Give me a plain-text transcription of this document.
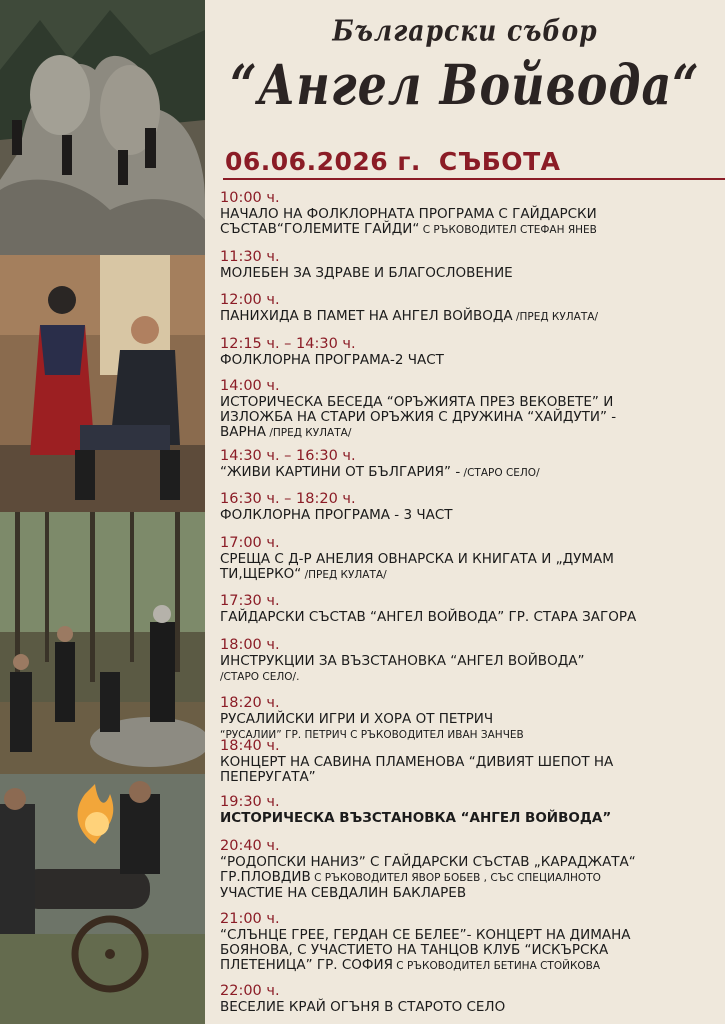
Български събор
“Ангел Войвода“
06.06.2026 г. СЪБОТА
10:00 ч.
НАЧАЛО НА ФОЛКЛОРНАТА ПРОГРАМА С ГАЙДАРСКИ
СЪСТАВ“ГОЛЕМИТЕ ГАЙДИ“ С РЪКОВОДИТЕЛ СТЕФАН ЯНЕВ
11:30 ч.
МОЛЕБЕН ЗА ЗДРАВЕ И БЛАГОСЛОВЕНИЕ
12:00 ч.
ПАНИХИДА В ПАМЕТ НА АНГЕЛ ВОЙВОДА /ПРЕД КУЛАТА/
12:15 ч. – 14:30 ч.
ФОЛКЛОРНА ПРОГРАМА-2 ЧАСТ
14:00 ч.
ИСТОРИЧЕСКА БЕСЕДА “ОРЪЖИЯТА ПРЕЗ ВЕКОВЕТЕ” И
ИЗЛОЖБА НА СТАРИ ОРЪЖИЯ С ДРУЖИНА “ХАЙДУТИ” -
ВАРНА /ПРЕД КУЛАТА/
14:30 ч. – 16:30 ч.
“ЖИВИ КАРТИНИ ОТ БЪЛГАРИЯ” - /СТАРО СЕЛО/
16:30 ч. – 18:20 ч.
ФОЛКЛОРНА ПРОГРАМА - 3 ЧАСТ
17:00 ч.
СРЕЩА С Д-Р АНЕЛИЯ ОВНАРСКА И КНИГАТА И „ДУМАМ
ТИ,ЩЕРКО“ /ПРЕД КУЛАТА/
17:30 ч.
ГАЙДАРСКИ СЪСТАВ “АНГЕЛ ВОЙВОДА” ГР. СТАРА ЗАГОРА
18:00 ч.
ИНСТРУКЦИИ ЗА ВЪЗСТАНОВКА “АНГЕЛ ВОЙВОДА”
/СТАРО СЕЛО/.
18:20 ч.
РУСАЛИЙСКИ ИГРИ И ХОРА ОТ ПЕТРИЧ
“РУСАЛИИ” ГР. ПЕТРИЧ С РЪКОВОДИТЕЛ ИВАН ЗАНЧЕВ
18:40 ч.
КОНЦЕРТ НА САВИНА ПЛАМЕНОВА “ДИВИЯТ ШЕПОТ НА
ПЕПЕРУГАТА”
19:30 ч.
ИСТОРИЧЕСКА ВЪЗСТАНОВКА “АНГЕЛ ВОЙВОДА”
20:40 ч.
“РОДОПСКИ НАНИЗˮ С ГАЙДАРСКИ СЪСТАВ „КАРАДЖАТА“
ГР.ПЛОВДИВ С РЪКОВОДИТЕЛ ЯВОР БОБЕВ , СЪС СПЕЦИАЛНОТО
УЧАСТИЕ НА СЕВДАЛИН БАКЛАРЕВ
21:00 ч.
“СЛЪНЦЕ ГРЕЕ, ГЕРДАН СЕ БЕЛЕЕ”- КОНЦЕРТ НА ДИМАНА
БОЯНОВА, С УЧАСТИЕТО НА ТАНЦОВ КЛУБ “ИСКЪРСКА
ПЛЕТЕНИЦА” ГР. СОФИЯ С РЪКОВОДИТЕЛ БЕТИНА СТОЙКОВА
22:00 ч.
ВЕСЕЛИЕ КРАЙ ОГЪНЯ В СТАРОТО СЕЛО
